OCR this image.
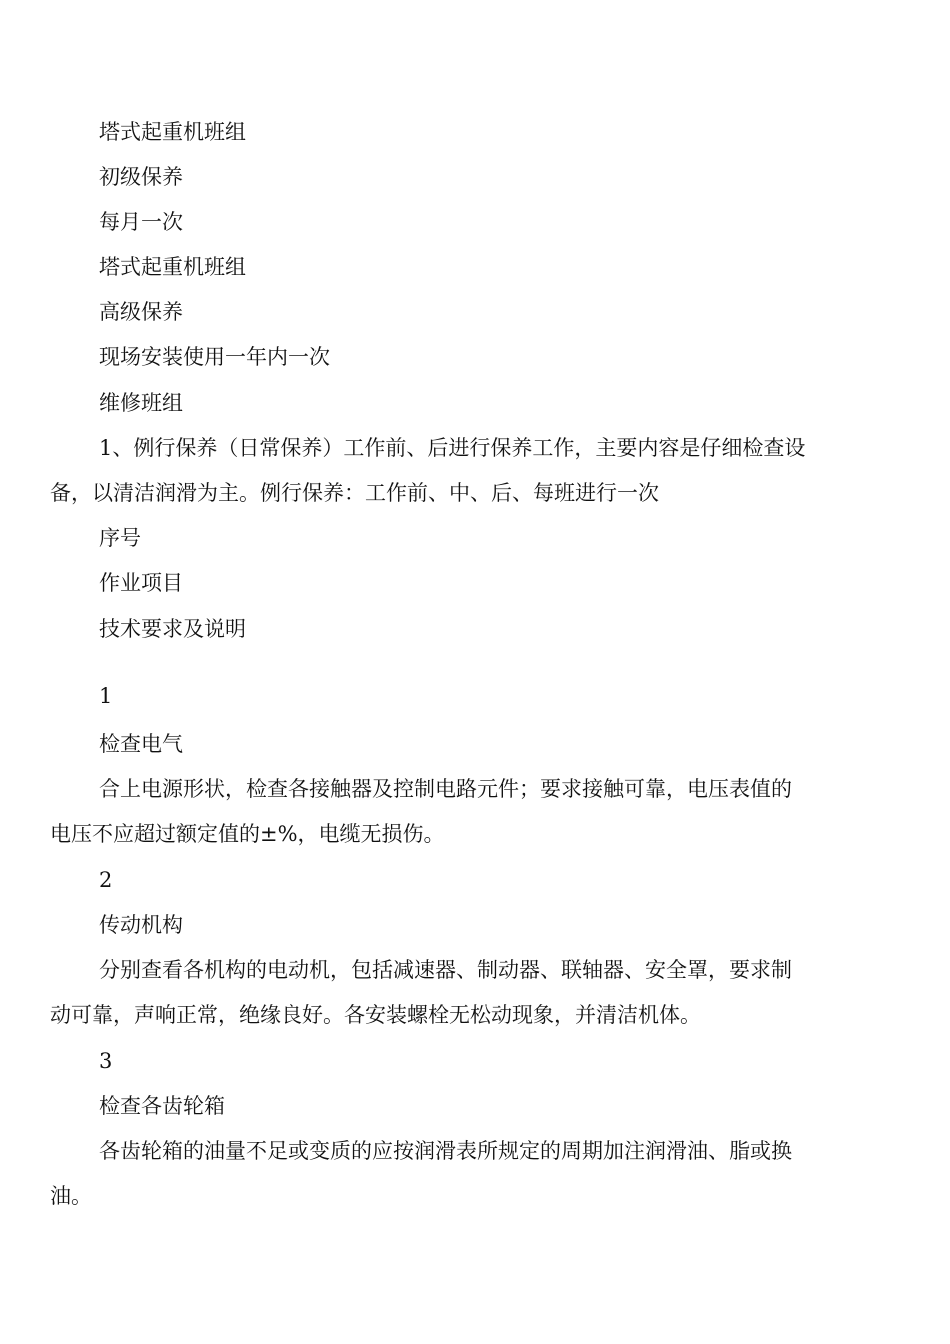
塔式起重机班组
初级保养
每月一次
塔式起重机班组
高级保养
现场安装使用一年内一次
维修班组
1、例行保养（日常保养）工作前、后进行保养工作，主要内容是仔细检查设
备，以清洁润滑为主。例行保养：工作前、中、后、每班进行一次
序号
作业项目
技术要求及说明
1
检查电气
合上电源形状，检查各接触器及控制电路元件；要求接触可靠，电压表值的
电压不应超过额定值的±%，电缆无损伤。
2
传动机构
分别查看各机构的电动机，包括减速器、制动器、联轴器、安全罩，要求制
动可靠，声响正常，绝缘良好。各安装螺栓无松动现象，并清洁机体。
3
检查各齿轮箱
各齿轮箱的油量不足或变质的应按润滑表所规定的周期加注润滑油、脂或换
油。
